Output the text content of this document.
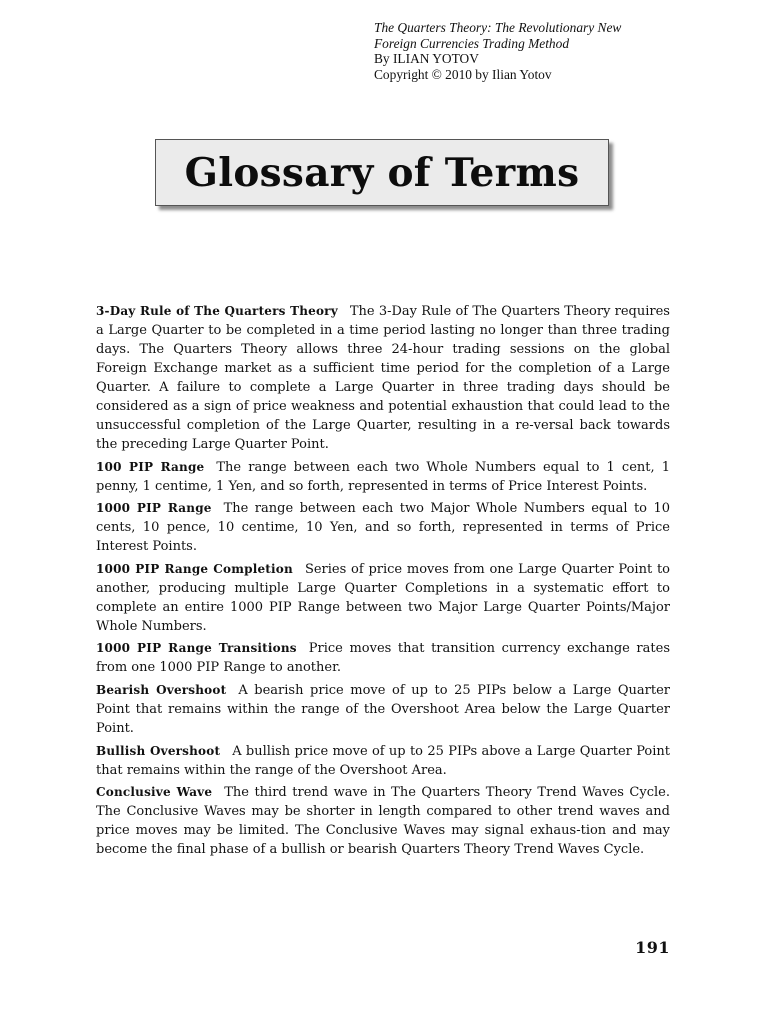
The Quarters Theory: The Revolutionary New
Foreign Currencies Trading Method
By ILIAN YOTOV
Copyright © 2010 by Ilian Yotov
Glossary of Terms

3-Day Rule of The Quarters Theory The 3-Day Rule of The Quarters Theory requires a Large Quarter to be completed in a time period lasting no longer than three trading days. The Quarters Theory allows three 24-hour trading sessions on the global Foreign Exchange market as a sufficient time period for the completion of a Large Quarter. A failure to complete a Large Quarter in three trading days should be considered as a sign of price weakness and potential exhaustion that could lead to the unsuccessful completion of the Large Quarter, resulting in a re-versal back towards the preceding Large Quarter Point.

100 PIP Range The range between each two Whole Numbers equal to 1 cent, 1 penny, 1 centime, 1 Yen, and so forth, represented in terms of Price Interest Points.

1000 PIP Range The range between each two Major Whole Numbers equal to 10 cents, 10 pence, 10 centime, 10 Yen, and so forth, represented in terms of Price Interest Points.

1000 PIP Range Completion Series of price moves from one Large Quarter Point to another, producing multiple Large Quarter Completions in a systematic effort to complete an entire 1000 PIP Range between two Major Large Quarter Points/Major Whole Numbers.

1000 PIP Range Transitions Price moves that transition currency exchange rates from one 1000 PIP Range to another.

Bearish Overshoot A bearish price move of up to 25 PIPs below a Large Quarter Point that remains within the range of the Overshoot Area below the Large Quarter Point.

Bullish Overshoot A bullish price move of up to 25 PIPs above a Large Quarter Point that remains within the range of the Overshoot Area.

Conclusive Wave The third trend wave in The Quarters Theory Trend Waves Cycle. The Conclusive Waves may be shorter in length compared to other trend waves and price moves may be limited. The Conclusive Waves may signal exhaus-tion and may become the final phase of a bullish or bearish Quarters Theory Trend Waves Cycle.

191
